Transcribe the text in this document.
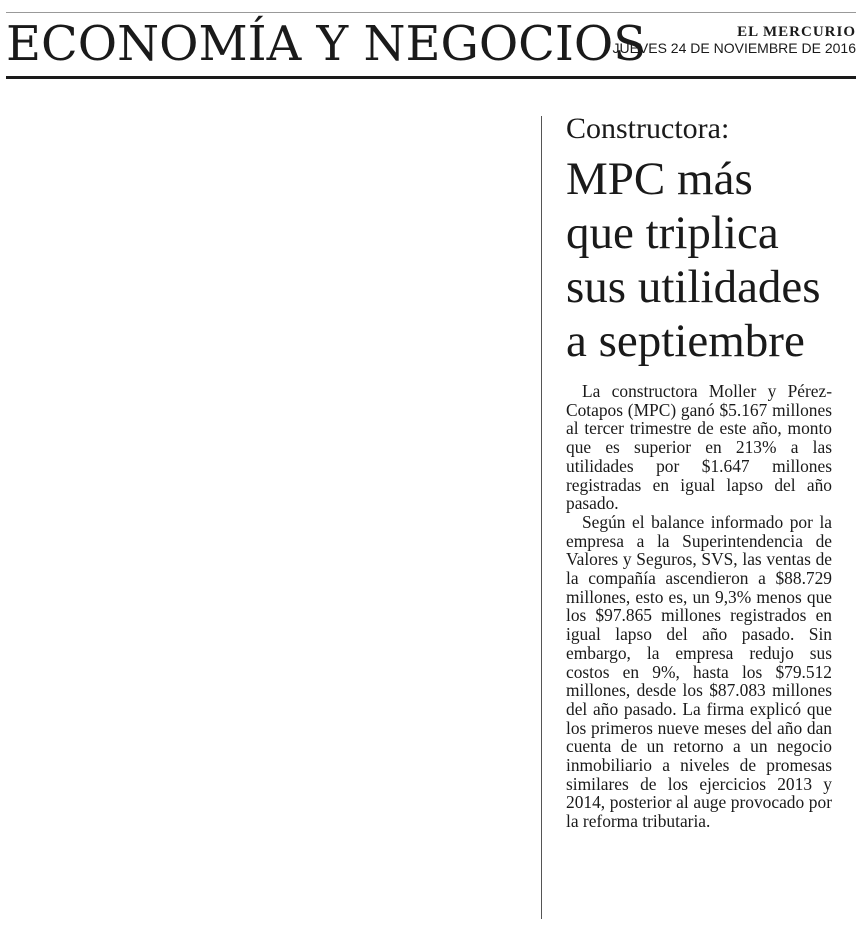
ECONOMÍA Y NEGOCIOS	EL MERCURIO
JUEVES 24 DE NOVIEMBRE DE 2016
Constructora:
MPC más que triplica sus utilidades a septiembre

La constructora Moller y Pérez-Cotapos (MPC) ganó $5.167 millones al tercer trimestre de este año, monto que es superior en 213% a las utilidades por $1.647 millones registradas en igual lapso del año pasado.

Según el balance informado por la empresa a la Superintendencia de Valores y Seguros, SVS, las ventas de la compañía ascendieron a $88.729 millones, esto es, un 9,3% menos que los $97.865 millones registrados en igual lapso del año pasado. Sin embargo, la empresa redujo sus costos en 9%, hasta los $79.512 millones, desde los $87.083 millones del año pasado. La firma explicó que los primeros nueve meses del año dan cuenta de un retorno a un negocio inmobiliario a niveles de promesas similares de los ejercicios 2013 y 2014, posterior al auge provocado por la reforma tributaria.
